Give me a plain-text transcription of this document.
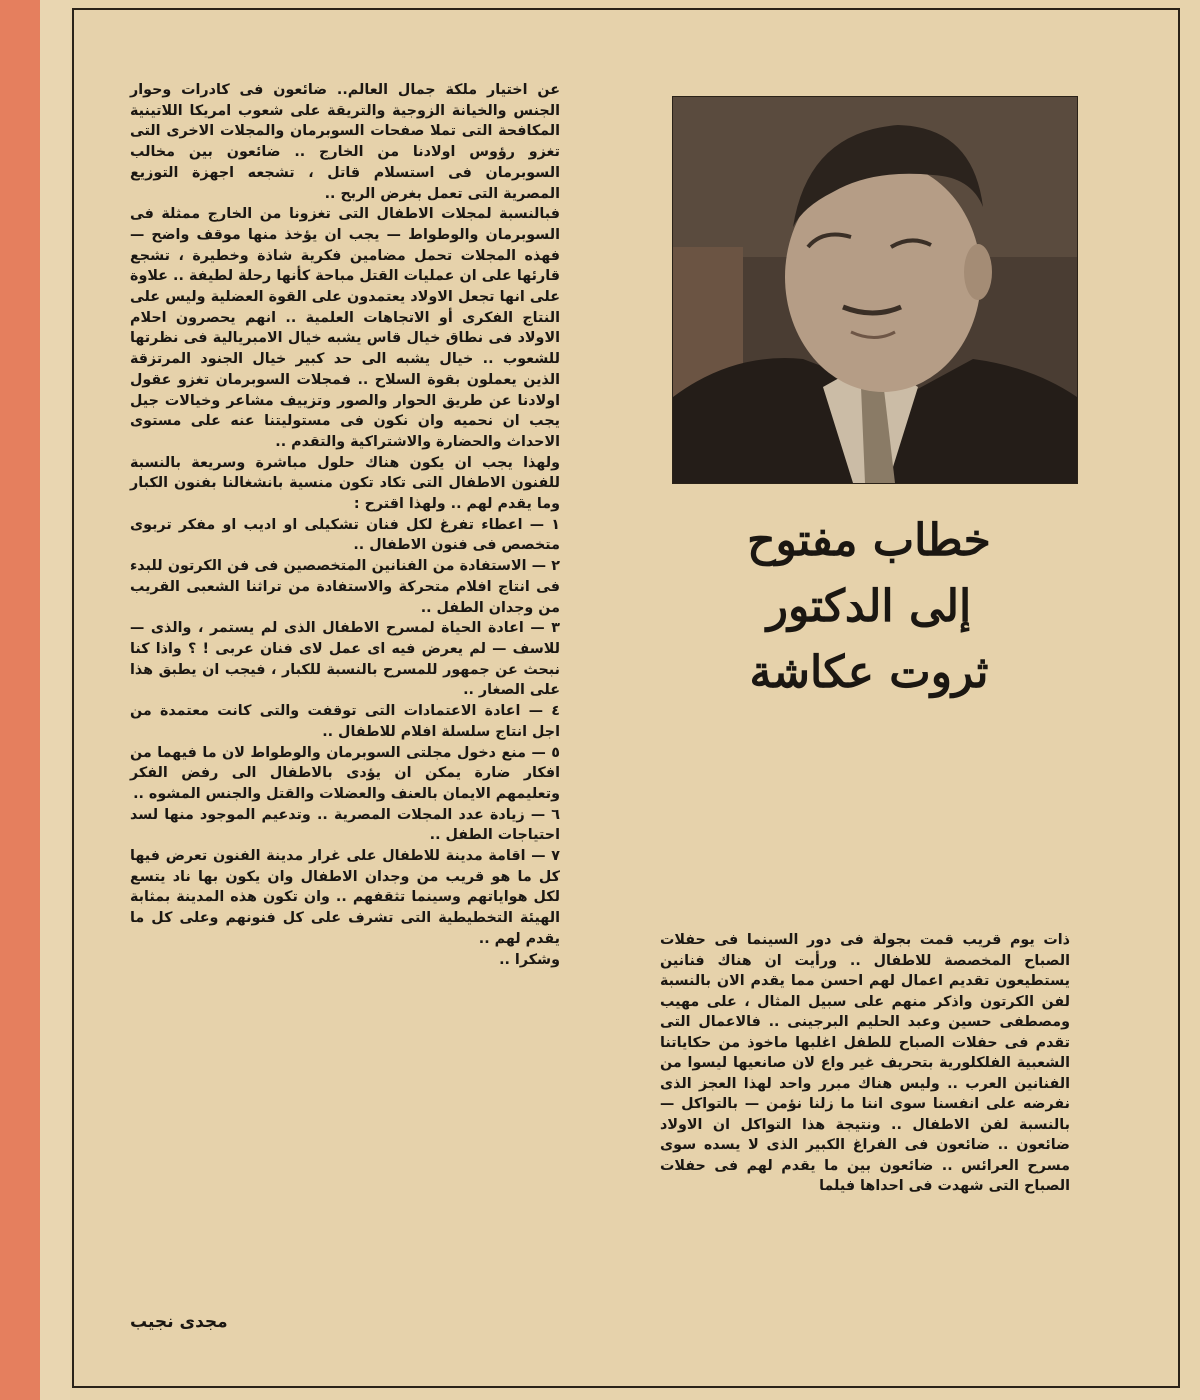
خطاب مفتوح
إلى الدكتور
ثروت عكاشة

عن اختيار ملكة جمال العالم.. ضائعون فى كادرات وحوار الجنس والخيانة الزوجية والتريقة على شعوب امريكا اللاتينية المكافحة التى تملا صفحات السوبرمان والمجلات الاخرى التى تغزو رؤوس اولادنا من الخارج .. ضائعون بين مخالب السوبرمان فى استسلام قاتل ، تشجعه اجهزة التوزيع المصرية التى تعمل بغرض الربح ..

فبالنسبة لمجلات الاطفال التى تغزونا من الخارج ممثلة فى السوبرمان والوطواط — يجب ان يؤخذ منها موقف واضح — فهذه المجلات تحمل مضامين فكرية شاذة وخطيرة ، تشجع قارئها على ان عمليات القتل مباحة كأنها رحلة لطيفة .. علاوة على انها تجعل الاولاد يعتمدون على القوة العضلية وليس على النتاج الفكرى أو الاتجاهات العلمية .. انهم يحصرون احلام الاولاد فى نطاق خيال قاس يشبه خيال الامبريالية فى نظرتها للشعوب .. خيال يشبه الى حد كبير خيال الجنود المرتزقة الذين يعملون بقوة السلاح .. فمجلات السوبرمان تغزو عقول اولادنا عن طريق الحوار والصور وتزييف مشاعر وخيالات جيل يجب ان نحميه وان نكون فى مستوليتنا عنه على مستوى الاحداث والحضارة والاشتراكية والتقدم ..

ولهذا يجب ان يكون هناك حلول مباشرة وسريعة بالنسبة للفنون الاطفال التى تكاد تكون منسية بانشغالنا بفنون الكبار وما يقدم لهم .. ولهذا اقترح :

١ — اعطاء تفرغ لكل فنان تشكيلى او اديب او مفكر تربوى متخصص فى فنون الاطفال ..

٢ — الاستفادة من الفنانين المتخصصين فى فن الكرتون للبدء فى انتاج افلام متحركة والاستفادة من تراثنا الشعبى القريب من وجدان الطفل ..

٣ — اعادة الحياة لمسرح الاطفال الذى لم يستمر ، والذى — للاسف — لم يعرض فيه اى عمل لاى فنان عربى ! ؟ واذا كنا نبحث عن جمهور للمسرح بالنسبة للكبار ، فيجب ان يطبق هذا على الصغار ..

٤ — اعادة الاعتمادات التى توقفت والتى كانت معتمدة من اجل انتاج سلسلة افلام للاطفال ..

٥ — منع دخول مجلتى السوبرمان والوطواط لان ما فيهما من افكار ضارة يمكن ان يؤدى بالاطفال الى رفض الفكر وتعليمهم الايمان بالعنف والعضلات والقتل والجنس المشوه ..

٦ — زيادة عدد المجلات المصرية .. وتدعيم الموجود منها لسد احتياجات الطفل ..

٧ — اقامة مدينة للاطفال على غرار مدينة الفنون تعرض فيها كل ما هو قريب من وجدان الاطفال وان يكون بها ناد يتسع لكل هواياتهم وسينما تثقفهم .. وان تكون هذه المدينة بمثابة الهيئة التخطيطية التى تشرف على كل فنونهم وعلى كل ما يقدم لهم ..

وشكرا ..

مجدى نجيب

ذات يوم قريب قمت بجولة فى دور السينما فى حفلات الصباح المخصصة للاطفال .. ورأيت ان هناك فنانين يستطيعون تقديم اعمال لهم احسن مما يقدم الان بالنسبة لفن الكرتون واذكر منهم على سبيل المثال ، على مهيب ومصطفى حسين وعبد الحليم البرجينى .. فالاعمال التى تقدم فى حفلات الصباح للطفل اغلبها ماخوذ من حكاياتنا الشعبية الفلكلورية بتحريف غير واع لان صانعيها ليسوا من الفنانين العرب .. وليس هناك مبرر واحد لهذا العجز الذى نفرضه على انفسنا سوى اننا ما زلنا نؤمن — بالتواكل — بالنسبة لفن الاطفال .. ونتيجة هذا التواكل ان الاولاد ضائعون .. ضائعون فى الفراغ الكبير الذى لا يسده سوى مسرح العرائس .. ضائعون بين ما يقدم لهم فى حفلات الصباح التى شهدت فى احداها فيلما
